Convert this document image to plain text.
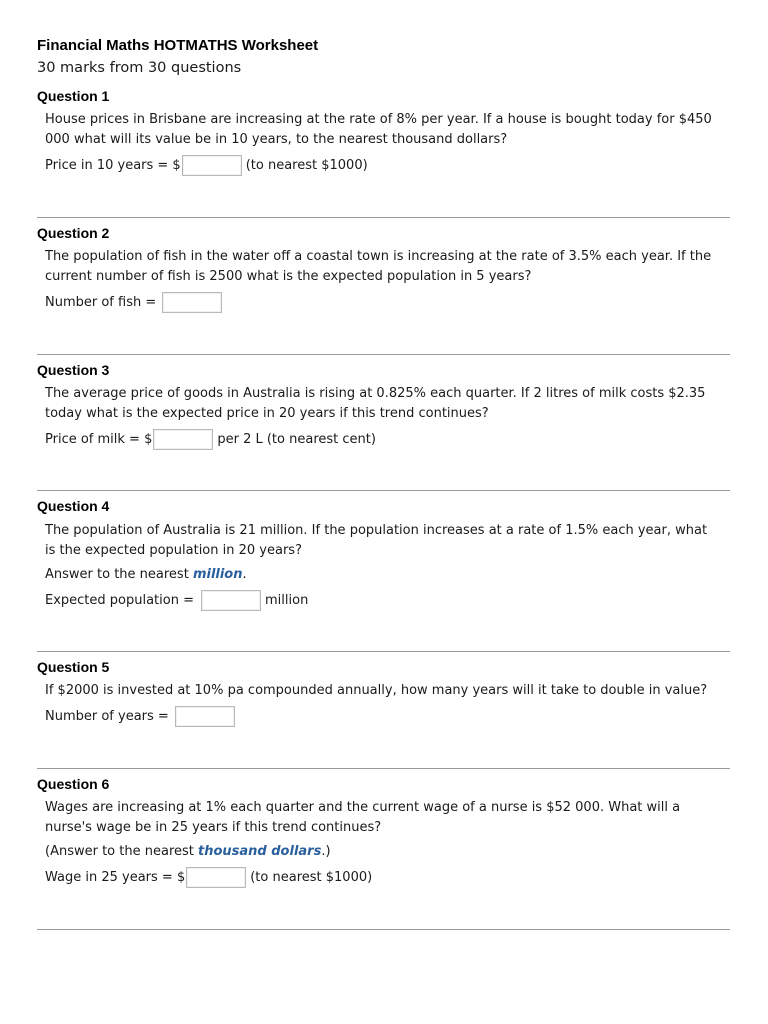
Financial Maths HOTMATHS Worksheet
30 marks from 30 questions
Question 1
House prices in Brisbane are increasing at the rate of 8% per year. If a house is bought today for $450
000 what will its value be in 10 years, to the nearest thousand dollars?
Price in 10 years = $	(to nearest $1000)
Question 2
The population of fish in the water off a coastal town is increasing at the rate of 3.5% each year. If the
current number of fish is 2500 what is the expected population in 5 years?
Number of fish =
Question 3
The average price of goods in Australia is rising at 0.825% each quarter. If 2 litres of milk costs $2.35
today what is the expected price in 20 years if this trend continues?
Price of milk = $	per 2 L (to nearest cent)
Question 4
The population of Australia is 21 million. If the population increases at a rate of 1.5% each year, what
is the expected population in 20 years?
Answer to the nearest million.
Expected population =	million
Question 5
If $2000 is invested at 10% pa compounded annually, how many years will it take to double in value?
Number of years =
Question 6
Wages are increasing at 1% each quarter and the current wage of a nurse is $52 000. What will a
nurse's wage be in 25 years if this trend continues?
(Answer to the nearest thousand dollars.)
Wage in 25 years = $	(to nearest $1000)
